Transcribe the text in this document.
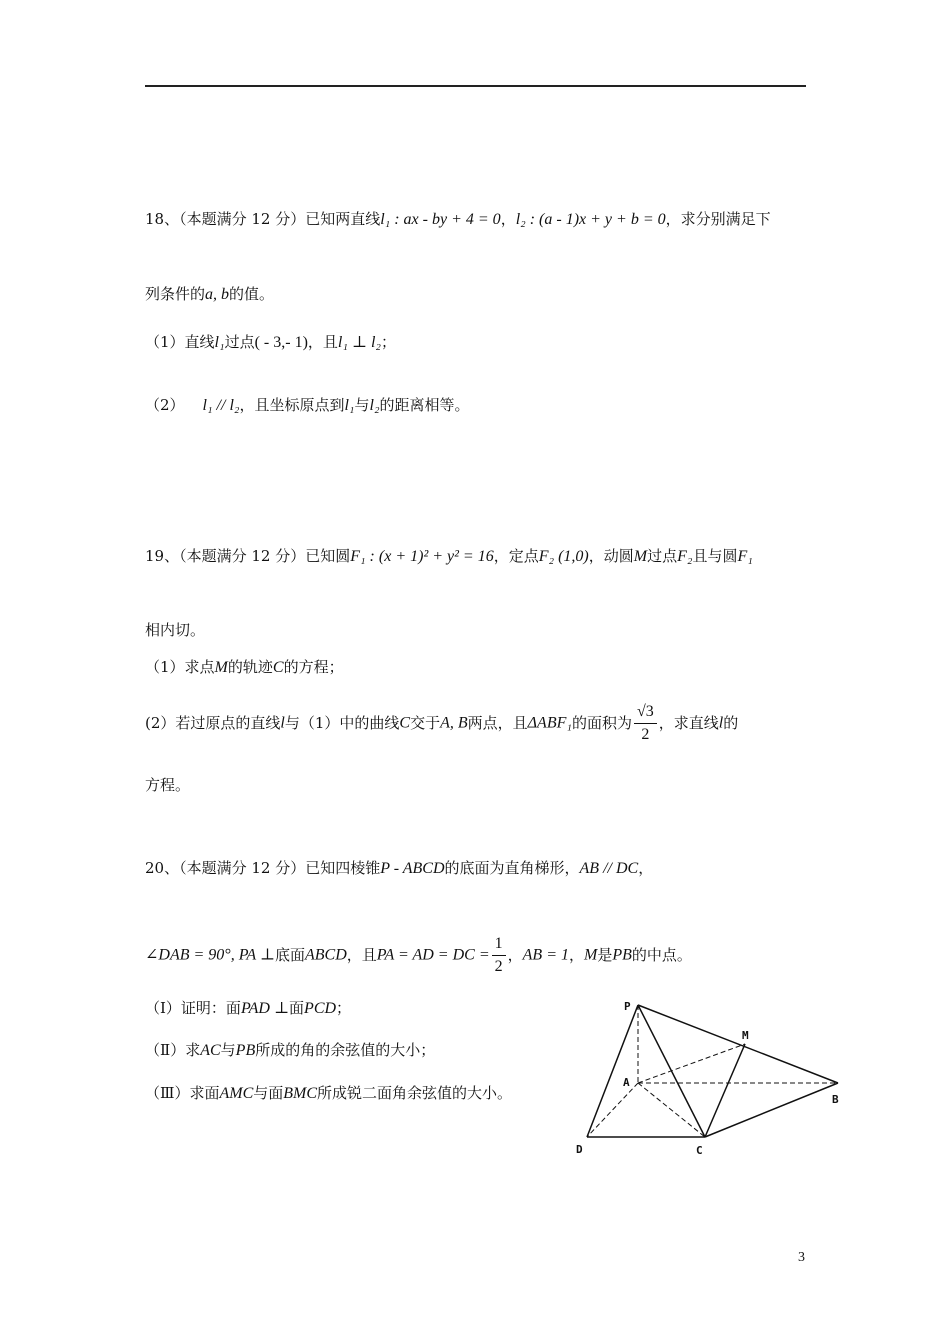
18、（本题满分 12 分）已知两直线l₁ : ax - by + 4 = 0，l₂ : (a - 1)x + y + b = 0，求分别满足下
列条件的a, b的值。
（1）直线l₁过点( - 3,- 1)，且l₁ ⊥ l₂；
（2） l₁ // l₂，且坐标原点到l₁与l₂的距离相等。
19、（本题满分 12 分）已知圆F₁ : (x + 1)² + y² = 16，定点F₂ (1,0)，动圆M过点F₂且与圆F₁
相内切。
（1）求点M的轨迹C的方程；
(2）若过原点的直线l与（1）中的曲线C交于A, B两点，且ΔABF₁的面积为 $\frac{√3}{2}$ ，求直线l的
方程。
20、（本题满分 12 分）已知四棱锥P - ABCD的底面为直角梯形，AB // DC，
∠DAB = 90°, PA ⊥底面ABCD，且PA = AD = DC = $\frac{1}{2}$ ，AB = 1，M是PB的中点。
（Ⅰ）证明：面PAD ⊥面PCD；
（Ⅱ）求AC与PB所成的角的余弦值的大小；
（Ⅲ）求面AMC与面BMC所成锐二面角余弦值的大小。
P
M
A
B
C
D
3
